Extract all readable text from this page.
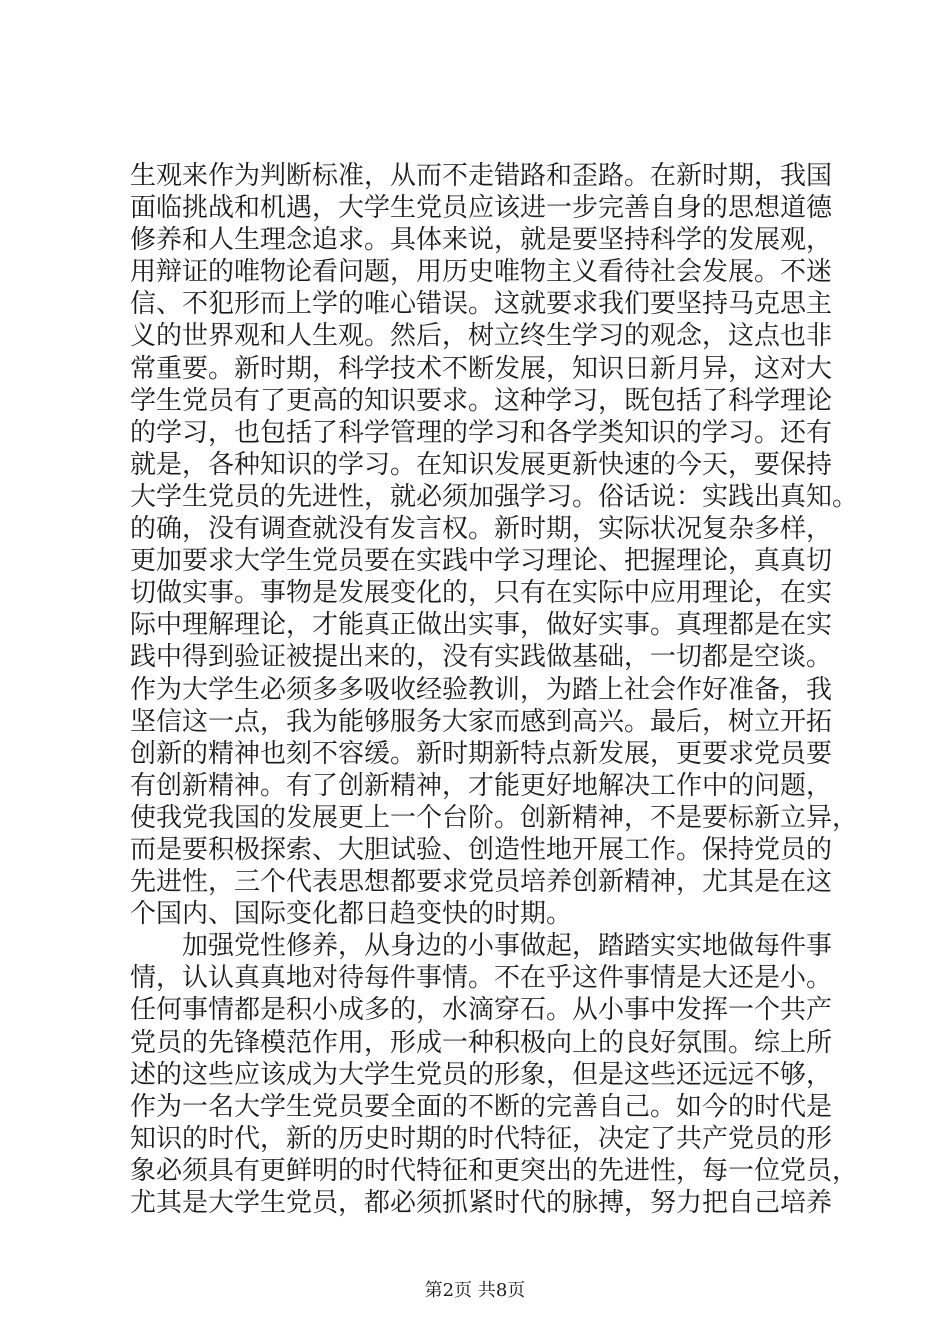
生观来作为判断标准，从而不走错路和歪路。在新时期，我国
面临挑战和机遇，大学生党员应该进一步完善自身的思想道德
修养和人生理念追求。具体来说，就是要坚持科学的发展观，
用辩证的唯物论看问题，用历史唯物主义看待社会发展。不迷
信、不犯形而上学的唯心错误。这就要求我们要坚持马克思主
义的世界观和人生观。然后，树立终生学习的观念，这点也非
常重要。新时期，科学技术不断发展，知识日新月异，这对大
学生党员有了更高的知识要求。这种学习，既包括了科学理论
的学习，也包括了科学管理的学习和各学类知识的学习。还有
就是，各种知识的学习。在知识发展更新快速的今天，要保持
大学生党员的先进性，就必须加强学习。俗话说：实践出真知。
的确，没有调查就没有发言权。新时期，实际状况复杂多样，
更加要求大学生党员要在实践中学习理论、把握理论，真真切
切做实事。事物是发展变化的，只有在实际中应用理论，在实
际中理解理论，才能真正做出实事，做好实事。真理都是在实
践中得到验证被提出来的，没有实践做基础，一切都是空谈。
作为大学生必须多多吸收经验教训，为踏上社会作好准备，我
坚信这一点，我为能够服务大家而感到高兴。最后，树立开拓
创新的精神也刻不容缓。新时期新特点新发展，更要求党员要
有创新精神。有了创新精神，才能更好地解决工作中的问题，
使我党我国的发展更上一个台阶。创新精神，不是要标新立异，
而是要积极探索、大胆试验、创造性地开展工作。保持党员的
先进性，三个代表思想都要求党员培养创新精神，尤其是在这
个国内、国际变化都日趋变快的时期。
加强党性修养，从身边的小事做起，踏踏实实地做每件事
情，认认真真地对待每件事情。不在乎这件事情是大还是小。
任何事情都是积小成多的，水滴穿石。从小事中发挥一个共产
党员的先锋模范作用，形成一种积极向上的良好氛围。综上所
述的这些应该成为大学生党员的形象，但是这些还远远不够，
作为一名大学生党员要全面的不断的完善自己。如今的时代是
知识的时代，新的历史时期的时代特征，决定了共产党员的形
象必须具有更鲜明的时代特征和更突出的先进性，每一位党员，
尤其是大学生党员，都必须抓紧时代的脉搏，努力把自己培养
第2页 共8页
